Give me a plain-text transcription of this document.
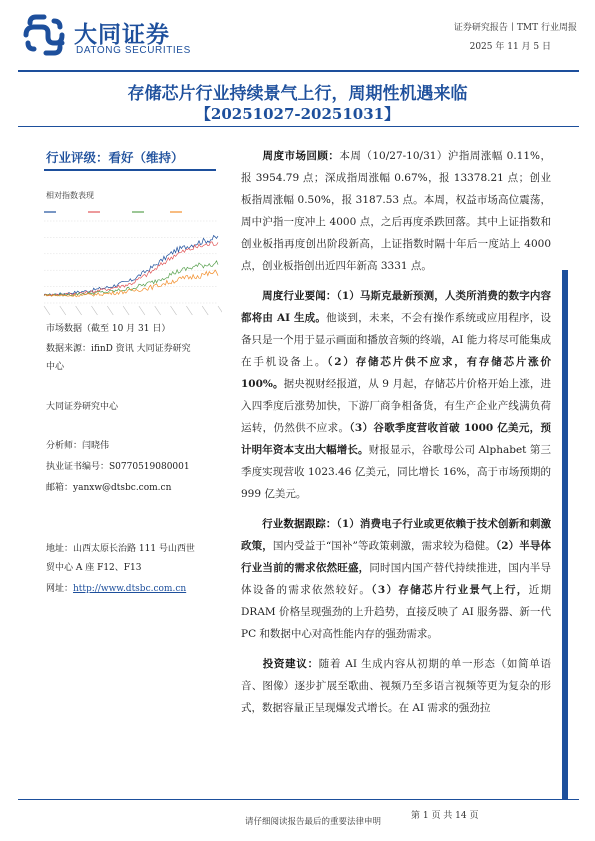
大同证券
DATONG SECURITIES
证券研究报告丨TMT 行业周报
2025 年 11 月 5 日
存储芯片行业持续景气上行，周期性机遇来临
【20251027-20251031】
行业评级：看好（维持）
相对指数表现
市场数据（截至 10 月 31 日）
数据来源：ifinD 资讯 大同证券研究
中心
大同证券研究中心
分析师：闫晓伟
执业证书编号：S0770519080001
邮箱：yanxw@dtsbc.com.cn
地址：山西太原长治路 111 号山西世
贸中心 A 座 F12、F13
网址：http://www.dtsbc.com.cn

周度市场回顾：本周（10/27-10/31）沪指周涨幅 0.11%，报 3954.79 点；深成指周涨幅 0.67%，报 13378.21 点；创业板指周涨幅 0.50%，报 3187.53 点。本周，权益市场高位震荡，周中沪指一度冲上 4000 点，之后再度杀跌回落。其中上证指数和创业板指再度创出阶段新高，上证指数时隔十年后一度站上 4000 点，创业板指创出近四年新高 3331 点。

周度行业要闻：（1）马斯克最新预测，人类所消费的数字内容都将由 AI 生成。他谈到，未来，不会有操作系统或应用程序，设备只是一个用于显示画面和播放音频的终端，AI 能力将尽可能集成在手机设备上。（2）存储芯片供不应求，有存储芯片涨价 100%。据央视财经报道，从 9 月起，存储芯片价格开始上涨，进入四季度后涨势加快，下游厂商争相备货，有生产企业产线满负荷运转，仍然供不应求。（3）谷歌季度营收首破 1000 亿美元，预计明年资本支出大幅增长。财报显示，谷歌母公司 Alphabet 第三季度实现营收 1023.46 亿美元，同比增长 16%，高于市场预期的 999 亿美元。

行业数据跟踪：（1）消费电子行业或更依赖于技术创新和刺激政策，国内受益于“国补”等政策刺激，需求较为稳健。（2）半导体行业当前的需求依然旺盛，同时国内国产替代持续推进，国内半导体设备的需求依然较好。（3）存储芯片行业景气上行，近期 DRAM 价格呈现强劲的上升趋势，直接反映了 AI 服务器、新一代 PC 和数据中心对高性能内存的强劲需求。

投资建议：随着 AI 生成内容从初期的单一形态（如简单语音、图像）逐步扩展至歌曲、视频乃至多语言视频等更为复杂的形式，数据容量正呈现爆发式增长。在 AI 需求的强劲拉

请仔细阅读报告最后的重要法律申明
第 1 页 共 14 页
